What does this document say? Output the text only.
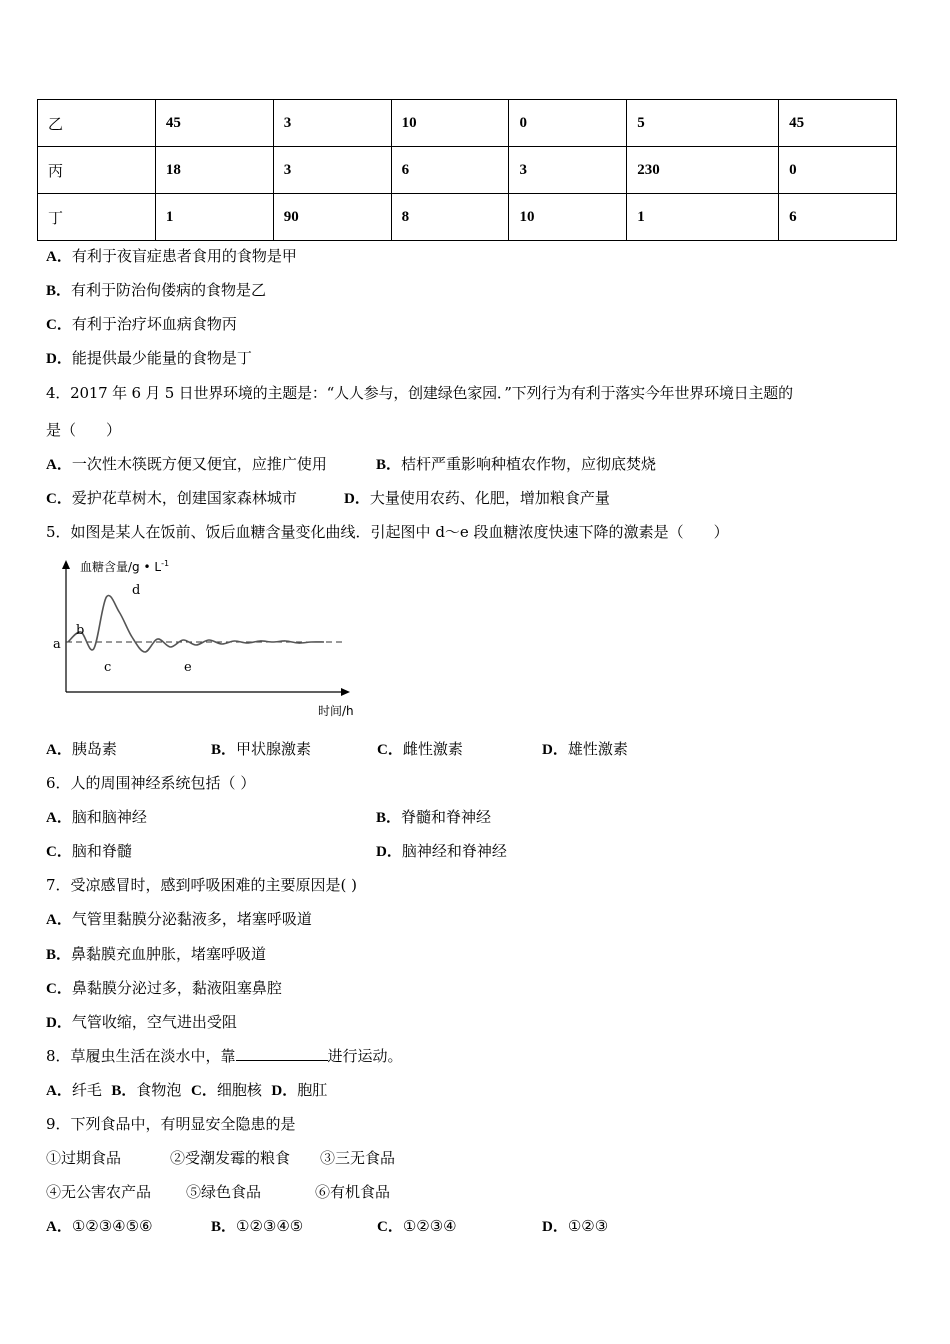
乙	45	3	10	0	5	45
丙	18	3	6	3	230	0
丁	1	90	8	10	1	6
A．有利于夜盲症患者食用的食物是甲
B．有利于防治佝偻病的食物是乙
C．有利于治疗坏血病食物丙
D．能提供最少能量的食物是丁
4．2017 年 6 月 5 日世界环境的主题是：“人人参与，创建绿色家园．”下列行为有利于落实今年世界环境日主题的
是（　　）
A．一次性木筷既方便又便宜，应推广使用	B．桔杆严重影响种植农作物，应彻底焚烧
C．爱护花草树木，创建国家森林城市	D．大量使用农药、化肥，增加粮食产量
5．如图是某人在饭前、饭后血糖含量变化曲线．引起图中 d～e 段血糖浓度快速下降的激素是（　　）
血糖含量/g • $L^{-1}$
时间/h
a
b
c
d
e
A．胰岛素	B．甲状腺激素	C．雌性激素	D．雄性激素
6．人的周围神经系统包括（ ）
A．脑和脑神经	B．脊髓和脊神经
C．脑和脊髓	D．脑神经和脊神经
7．受凉感冒时，感到呼吸困难的主要原因是( )
A．气管里黏膜分泌黏液多，堵塞呼吸道
B．鼻黏膜充血肿胀，堵塞呼吸道
C．鼻黏膜分泌过多，黏液阻塞鼻腔
D．气管收缩，空气进出受阻
8．草履虫生活在淡水中，靠	进行运动。
A．纤毛 B．食物泡 C．细胞核 D．胞肛
9．下列食品中，有明显安全隐患的是
①过期食品	②受潮发霉的粮食 ③三无食品
④无公害农产品 ⑤绿色食品	⑥有机食品
A．①②③④⑤⑥	B．①②③④⑤	C．①②③④	D．①②③
